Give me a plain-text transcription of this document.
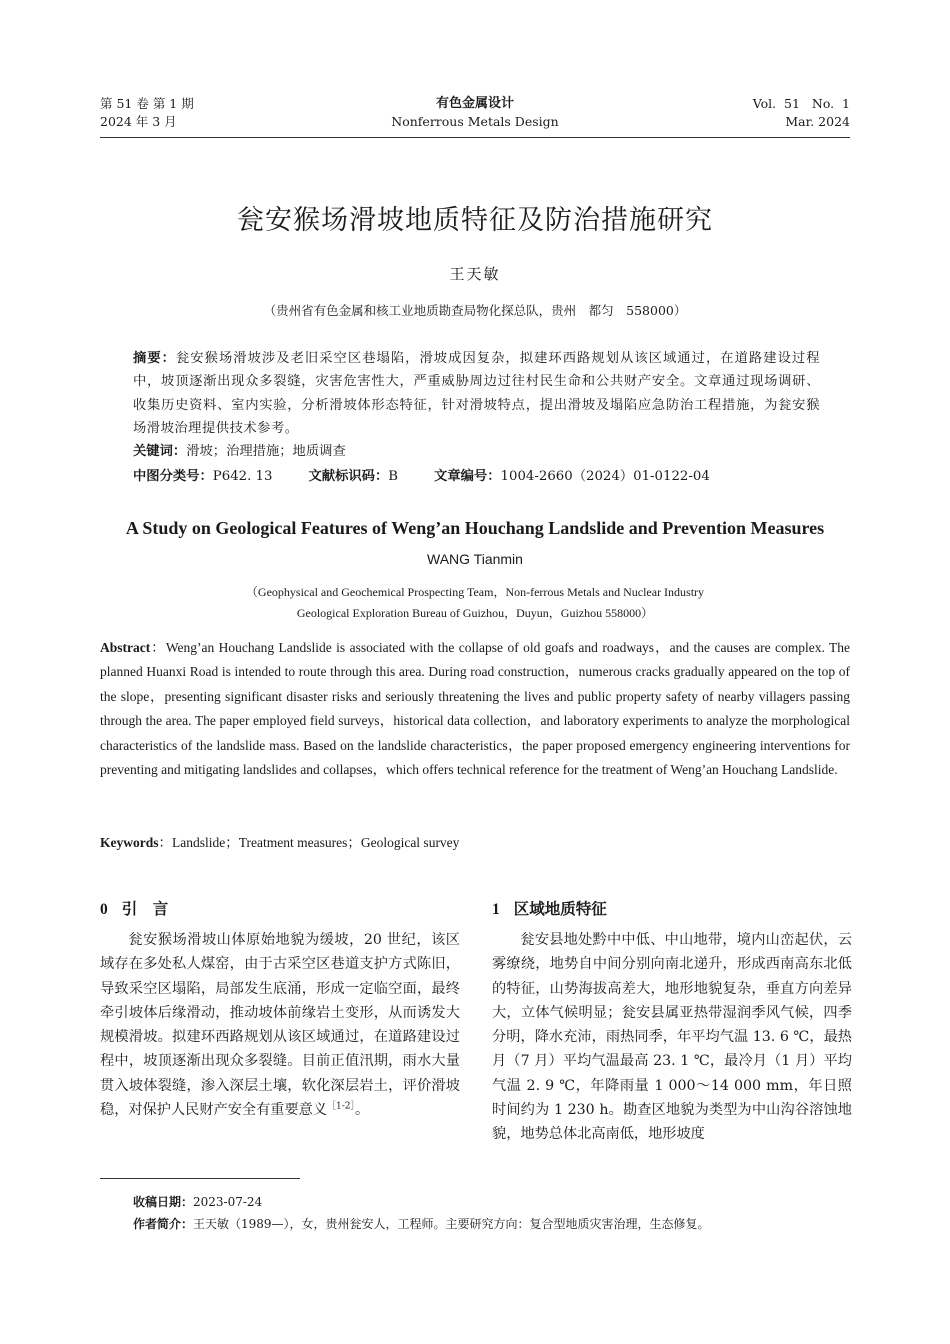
第 51 卷 第 1 期
2024 年 3 月
有色金属设计
Nonferrous Metals Design
Vol.  51   No.  1
Mar. 2024
瓮安猴场滑坡地质特征及防治措施研究
王天敏
（贵州省有色金属和核工业地质勘查局物化探总队，贵州　都匀　558000）
摘要：瓮安猴场滑坡涉及老旧采空区巷塌陷，滑坡成因复杂，拟建环西路规划从该区域通过，在道路建设过程中，坡顶逐渐出现众多裂缝，灾害危害性大，严重威胁周边过往村民生命和公共财产安全。文章通过现场调研、收集历史资料、室内实验，分析滑坡体形态特征，针对滑坡特点，提出滑坡及塌陷应急防治工程措施，为瓮安猴场滑坡治理提供技术参考。
关键词：滑坡；治理措施；地质调查
中图分类号：P642. 13	文献标识码：B	文章编号：1004-2660（2024）01-0122-04
A Study on Geological Features of Weng’an Houchang Landslide and Prevention Measures
WANG Tianmin
（Geophysical and Geochemical Prospecting Team，Non-ferrous Metals and Nuclear Industry
Geological Exploration Bureau of Guizhou，Duyun，Guizhou 558000）
Abstract：Weng’an Houchang Landslide is associated with the collapse of old goafs and roadways，and the causes are complex. The planned Huanxi Road is intended to route through this area. During road construction，numerous cracks gradually appeared on the top of the slope，presenting significant disaster risks and seriously threatening the lives and public property safety of nearby villagers passing through the area. The paper employed field surveys，historical data collection，and laboratory experiments to analyze the morphological characteristics of the landslide mass. Based on the landslide characteristics，the paper proposed emergency engineering interventions for preventing and mitigating landslides and collapses，which offers technical reference for the treatment of Weng’an Houchang Landslide.
Keywords：Landslide；Treatment measures；Geological survey
0 引　言	1 区域地质特征

瓮安猴场滑坡山体原始地貌为缓坡，20 世纪，该区域存在多处私人煤窑，由于古采空区巷道支护方式陈旧，导致采空区塌陷，局部发生底涌，形成一定临空面，最终牵引坡体后缘滑动，推动坡体前缘岩土变形，从而诱发大规模滑坡。拟建环西路规划从该区域通过，在道路建设过程中，坡顶逐渐出现众多裂缝。目前正值汛期，雨水大量贯入坡体裂缝，渗入深层土壤，软化深层岩土，评价滑坡稳，对保护人民财产安全有重要意义$^{[1-2]}$。

瓮安县地处黔中中低、中山地带，境内山峦起伏，云雾缭绕，地势自中间分别向南北递升，形成西南高东北低的特征，山势海拔高差大，地形地貌复杂，垂直方向差异大，立体气候明显；瓮安县属亚热带湿润季风气候，四季分明，降水充沛，雨热同季，年平均气温 13. 6 ℃，最热月（7 月）平均气温最高 23. 1 ℃，最冷月（1 月）平均气温 2. 9 ℃，年降雨量 1 000～14 000 mm，年日照时间约为 1 230 h。勘查区地貌为类型为中山沟谷溶蚀地貌，地势总体北高南低，地形坡度

收稿日期：2023-07-24
作者简介：王天敏（1989—），女，贵州瓮安人，工程师。主要研究方向：复合型地质灾害治理，生态修复。
